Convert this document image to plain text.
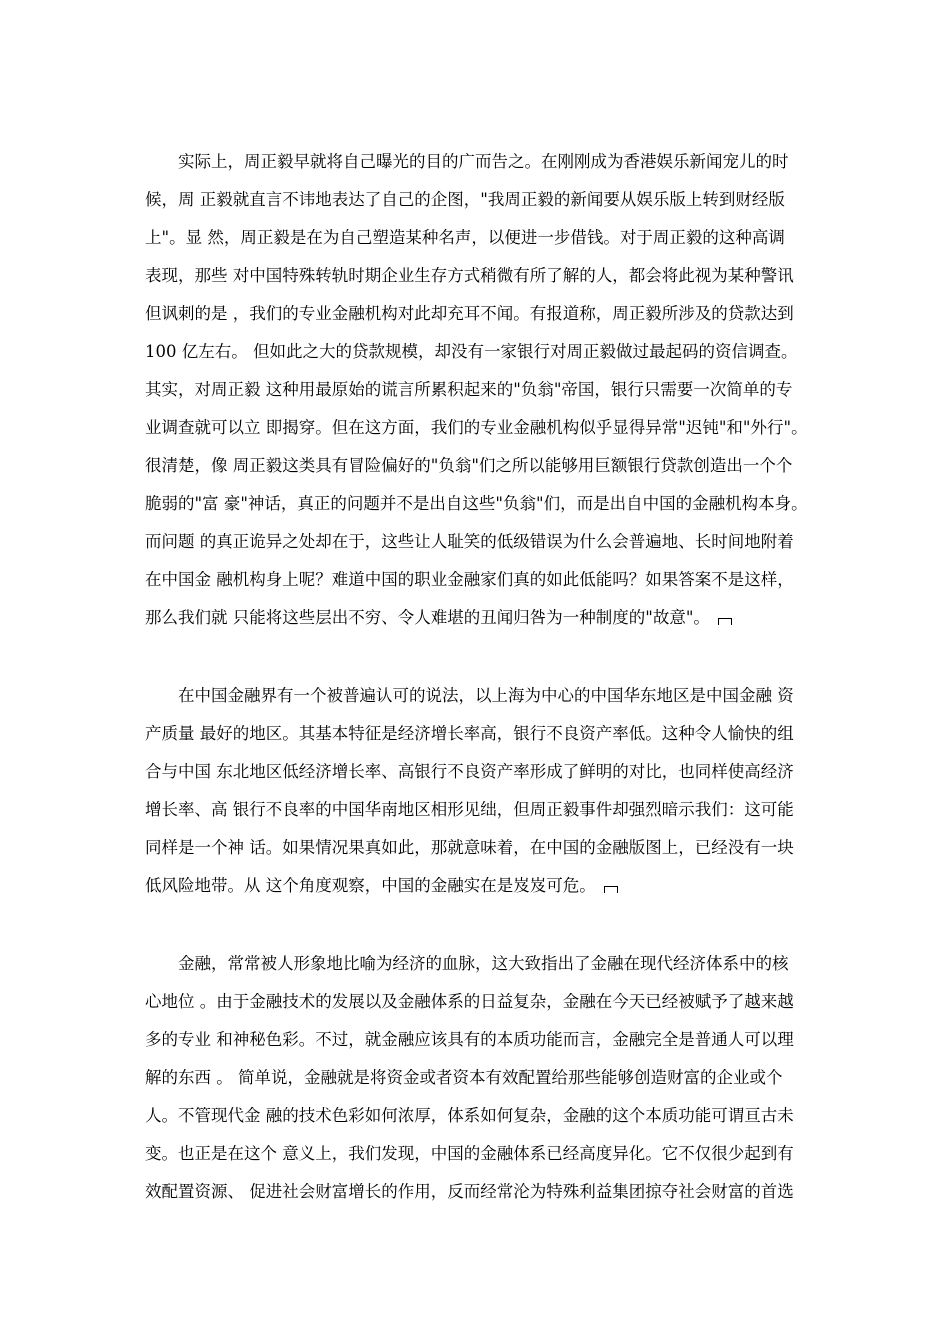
实际上，周正毅早就将自己曝光的目的广而告之。在刚刚成为香港娱乐新闻宠儿的时
候，周 正毅就直言不讳地表达了自己的企图，"我周正毅的新闻要从娱乐版上转到财经版
上"。显 然，周正毅是在为自己塑造某种名声，以便进一步借钱。对于周正毅的这种高调
表现，那些 对中国特殊转轨时期企业生存方式稍微有所了解的人，都会将此视为某种警讯
但讽刺的是 ，我们的专业金融机构对此却充耳不闻。有报道称，周正毅所涉及的贷款达到
100 亿左右。 但如此之大的贷款规模，却没有一家银行对周正毅做过最起码的资信调查。
其实，对周正毅 这种用最原始的谎言所累积起来的"负翁"帝国，银行只需要一次简单的专
业调查就可以立 即揭穿。但在这方面，我们的专业金融机构似乎显得异常"迟钝"和"外行"。
很清楚，像 周正毅这类具有冒险偏好的"负翁"们之所以能够用巨额银行贷款创造出一个个
脆弱的"富 豪"神话，真正的问题并不是出自这些"负翁"们，而是出自中国的金融机构本身。
而问题 的真正诡异之处却在于，这些让人耻笑的低级错误为什么会普遍地、长时间地附着
在中国金 融机构身上呢？难道中国的职业金融家们真的如此低能吗？如果答案不是这样，
那么我们就 只能将这些层出不穷、令人难堪的丑闻归咎为一种制度的"故意"。
在中国金融界有一个被普遍认可的说法，以上海为中心的中国华东地区是中国金融 资
产质量 最好的地区。其基本特征是经济增长率高，银行不良资产率低。这种令人愉快的组
合与中国 东北地区低经济增长率、高银行不良资产率形成了鲜明的对比，也同样使高经济
增长率、高 银行不良率的中国华南地区相形见绌，但周正毅事件却强烈暗示我们：这可能
同样是一个神 话。如果情况果真如此，那就意味着，在中国的金融版图上，已经没有一块
低风险地带。从 这个角度观察，中国的金融实在是岌岌可危。
金融，常常被人形象地比喻为经济的血脉，这大致指出了金融在现代经济体系中的核
心地位 。由于金融技术的发展以及金融体系的日益复杂，金融在今天已经被赋予了越来越
多的专业 和神秘色彩。不过，就金融应该具有的本质功能而言，金融完全是普通人可以理
解的东西 。 简单说，金融就是将资金或者资本有效配置给那些能够创造财富的企业或个
人。不管现代金 融的技术色彩如何浓厚，体系如何复杂，金融的这个本质功能可谓亘古未
变。也正是在这个 意义上，我们发现，中国的金融体系已经高度异化。它不仅很少起到有
效配置资源、 促进社会财富增长的作用，反而经常沦为特殊利益集团掠夺社会财富的首选
